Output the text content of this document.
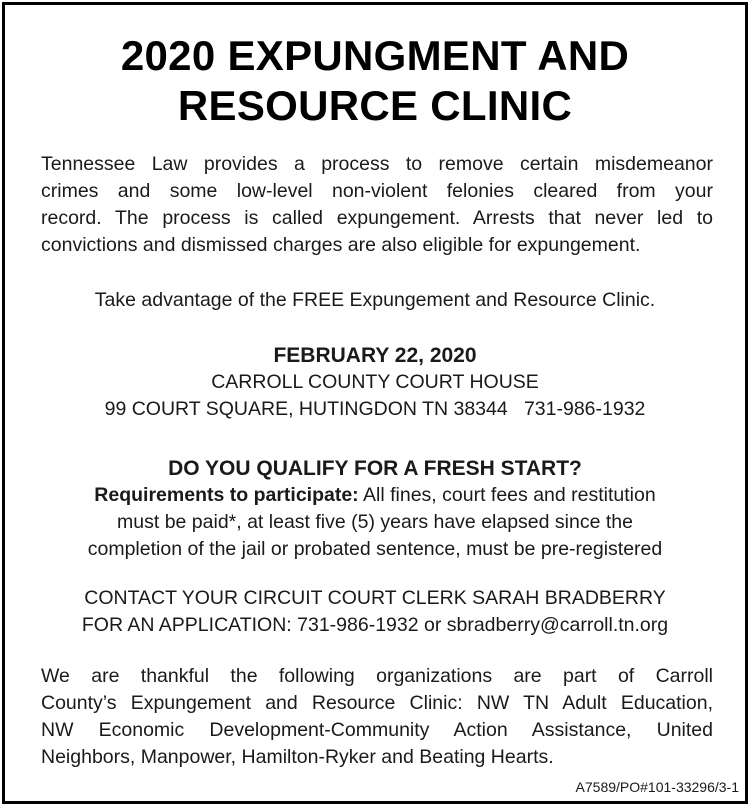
2020 EXPUNGMENT AND
RESOURCE CLINIC
Tennessee Law provides a process to remove certain misdemeanor
crimes and some low-level non-violent felonies cleared from your
record. The process is called expungement. Arrests that never led to
convictions and dismissed charges are also eligible for expungement.
Take advantage of the FREE Expungement and Resource Clinic.
FEBRUARY 22, 2020
CARROLL COUNTY COURT HOUSE
99 COURT SQUARE, HUTINGDON TN 38344   731-986-1932
DO YOU QUALIFY FOR A FRESH START?
Requirements to participate: All fines, court fees and restitution
must be paid*, at least five (5) years have elapsed since the
completion of the jail or probated sentence, must be pre-registered
CONTACT YOUR CIRCUIT COURT CLERK SARAH BRADBERRY
FOR AN APPLICATION: 731-986-1932 or sbradberry@carroll.tn.org
We are thankful the following organizations are part of Carroll
County’s Expungement and Resource Clinic: NW TN Adult Education,
NW Economic Development-Community Action Assistance, United
Neighbors, Manpower, Hamilton-Ryker and Beating Hearts.
A7589/PO#101-33296/3-1
